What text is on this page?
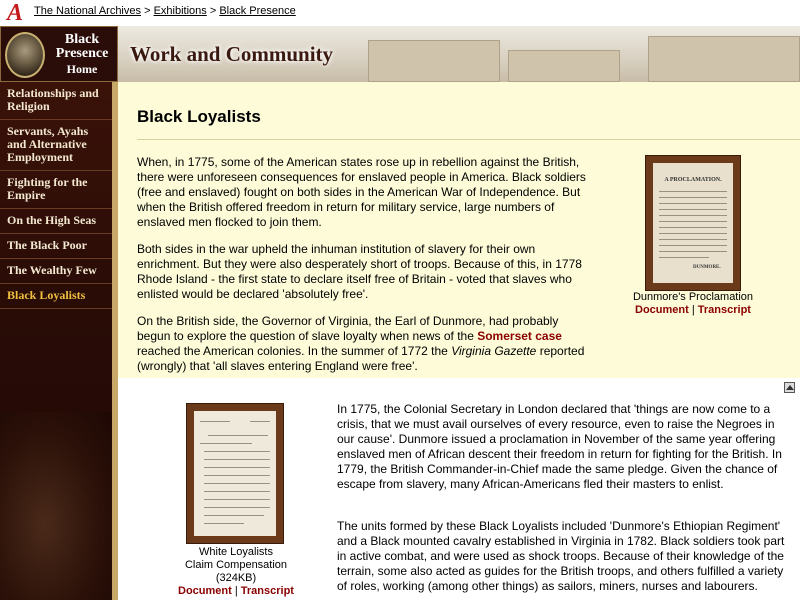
A The National Archives > Exhibitions > Black Presence
Black Presence
Home
Work and Community
Relationships and Religion
Servants, Ayahs and Alternative Employment
Fighting for the Empire
On the High Seas
The Black Poor
The Wealthy Few
Black Loyalists
Black Loyalists

When, in 1775, some of the American states rose up in rebellion against the British, there were unforeseen consequences for enslaved people in America. Black soldiers (free and enslaved) fought on both sides in the American War of Independence. But when the British offered freedom in return for military service, large numbers of enslaved men flocked to join them.

Both sides in the war upheld the inhuman institution of slavery for their own enrichment. But they were also desperately short of troops. Because of this, in 1778 Rhode Island - the first state to declare itself free of Britain - voted that slaves who enlisted would be declared 'absolutely free'.

On the British side, the Governor of Virginia, the Earl of Dunmore, had probably begun to explore the question of slave loyalty when news of the Somerset case reached the American colonies. In the summer of 1772 the Virginia Gazette reported (wrongly) that 'all slaves entering England were free'.

In 1775, the Colonial Secretary in London declared that 'things are now come to a crisis, that we must avail ourselves of every resource, even to raise the Negroes in our cause'. Dunmore issued a proclamation in November of the same year offering enslaved men of African descent their freedom in return for fighting for the British. In 1779, the British Commander-in-Chief made the same pledge. Given the chance of escape from slavery, many African-Americans fled their masters to enlist.

The units formed by these Black Loyalists included 'Dunmore's Ethiopian Regiment' and a Black mounted cavalry established in Virginia in 1782. Black soldiers took part in active combat, and were used as shock troops. Because of their knowledge of the terrain, some also acted as guides for the British troops, and others fulfilled a variety of roles, working (among other things) as sailors, miners, nurses and labourers.

A PROCLAMATION.
DUNMORE.
Dunmore's Proclamation
Document | Transcript
White Loyalists
Claim Compensation
(324KB)
Document | Transcript
